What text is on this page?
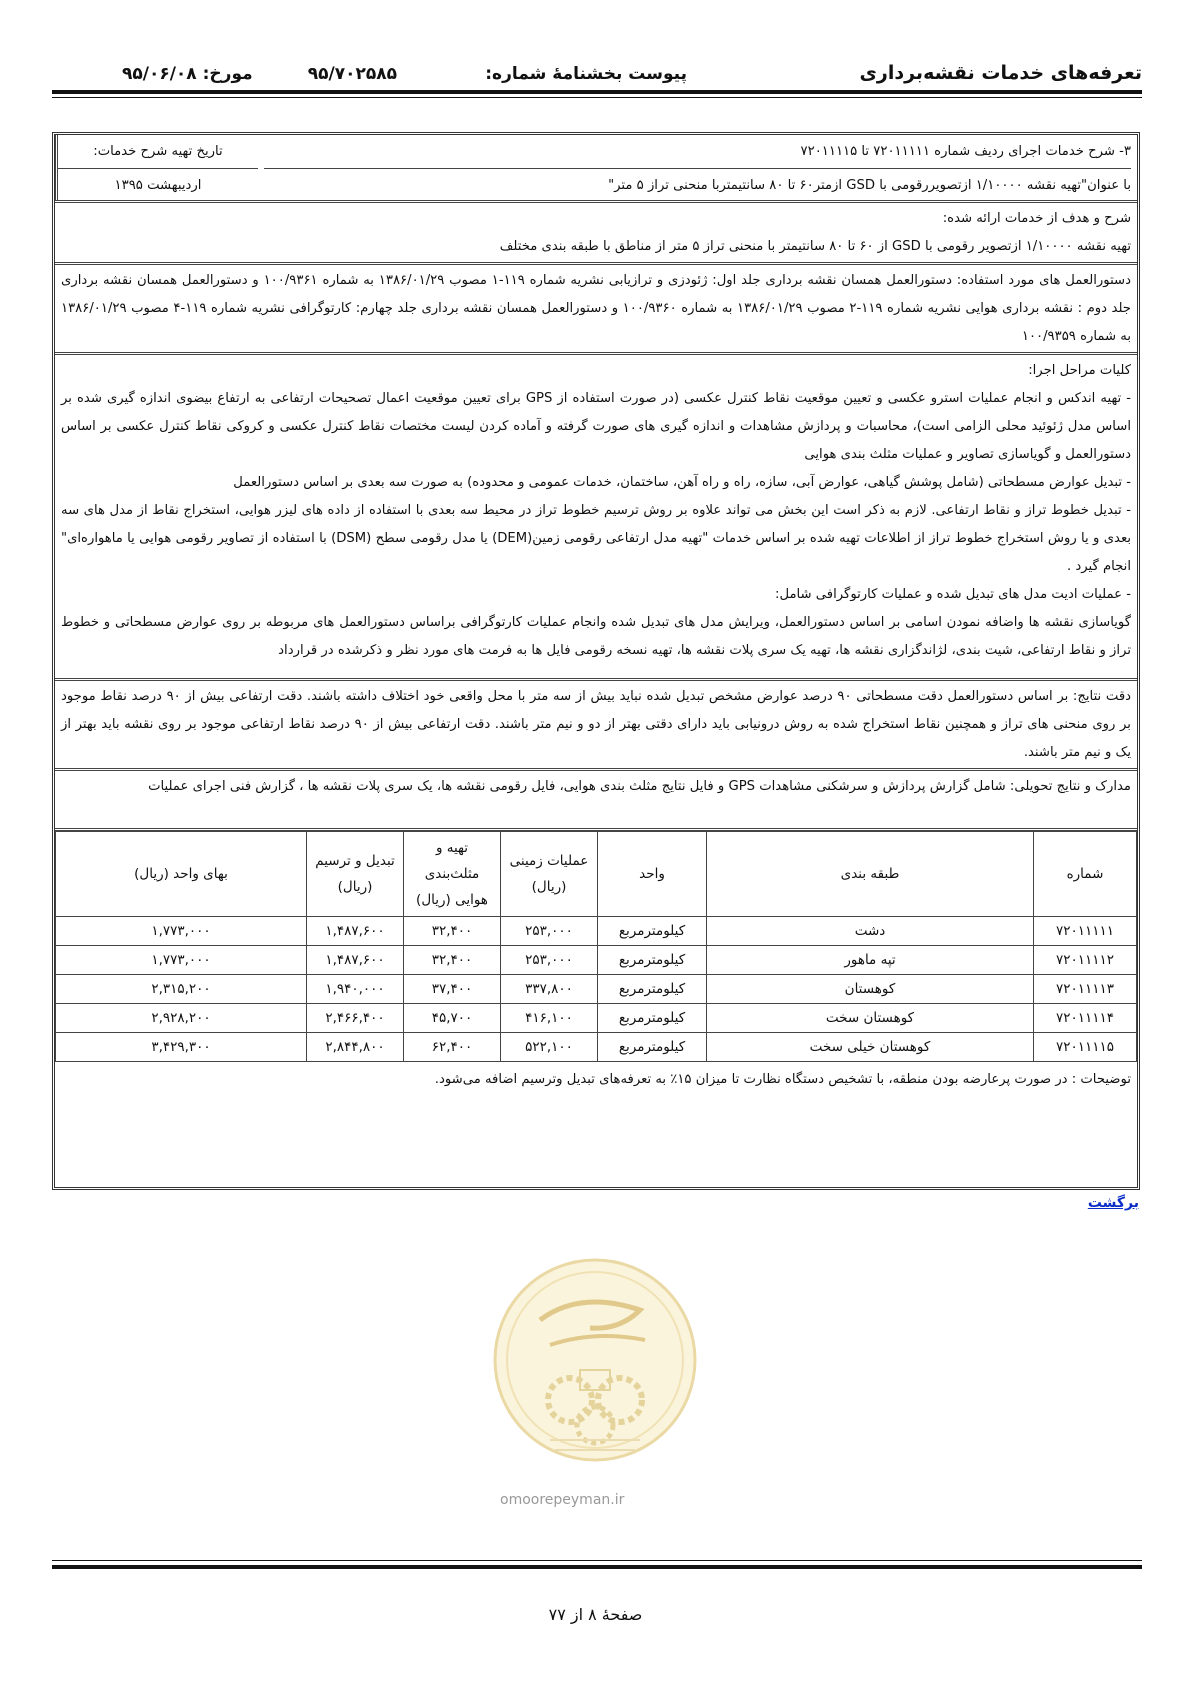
تعرفه‌های خدمات نقشه‌برداری
پیوست بخشنامۀ شماره:
۹۵/۷۰۲۵۸۵
مورخ: ۹۵/۰۶/۰۸
۳- شرح خدمات اجرای ردیف شماره ۷۲۰۱۱۱۱۱ تا ۷۲۰۱۱۱۱۵
با عنوان"تهیه نقشه ۱/۱۰۰۰۰ ازتصویررقومی با GSD ازمتر۶۰ تا ۸۰ سانتیمتربا منحنی تراز ۵ متر"
تاریخ تهیه شرح خدمات:
اردیبهشت ۱۳۹۵
شرح و هدف از خدمات ارائه شده:
تهیه نقشه ۱/۱۰۰۰۰ ازتصویر رقومی با GSD از ۶۰ تا ۸۰ سانتیمتر با منحنی تراز ۵ متر از مناطق با طبقه بندی مختلف
دستورالعمل های مورد استفاده: دستورالعمل همسان نقشه برداری جلد اول: ژئودزی و ترازیابی نشریه شماره ۱۱۹-۱ مصوب ۱۳۸۶/۰۱/۲۹ به شماره ۱۰۰/۹۳۶۱ و دستورالعمل همسان نقشه برداری جلد دوم : نقشه برداری هوایی نشریه شماره ۱۱۹-۲ مصوب ۱۳۸۶/۰۱/۲۹ به شماره ۱۰۰/۹۳۶۰ و دستورالعمل همسان نقشه برداری جلد چهارم: کارتوگرافی نشریه شماره ۱۱۹-۴ مصوب ۱۳۸۶/۰۱/۲۹ به شماره ۱۰۰/۹۳۵۹
کلیات مراحل اجرا:
- تهیه اندکس و انجام عملیات استرو عکسی و تعیین موقعیت نقاط کنترل عکسی (در صورت استفاده از GPS برای تعیین موقعیت اعمال تصحیحات ارتفاعی به ارتفاع بیضوی اندازه گیری شده بر اساس مدل ژئوئید محلی الزامی است)، محاسبات و پردازش مشاهدات و اندازه گیری های صورت گرفته و آماده کردن لیست مختصات نقاط کنترل عکسی و کروکی نقاط کنترل عکسی بر اساس دستورالعمل و گویاسازی تصاویر و عملیات مثلث بندی هوایی
- تبدیل عوارض مسطحاتی (شامل پوشش گیاهی، عوارض آبی، سازه، راه و راه آهن، ساختمان، خدمات عمومی و محدوده) به صورت سه بعدی بر اساس دستورالعمل
- تبدیل خطوط تراز و نقاط ارتفاعی. لازم به ذکر است این بخش می تواند علاوه بر روش ترسیم خطوط تراز در محیط سه بعدی با استفاده از داده های لیزر هوایی، استخراج نقاط از مدل های سه بعدی و یا روش استخراج خطوط تراز از اطلاعات تهیه شده بر اساس خدمات "تهیه مدل ارتفاعی رقومی زمین(DEM) یا مدل رقومی سطح (DSM) با استفاده از تصاویر رقومی هوایی یا ماهواره‌ای" انجام گیرد .
- عملیات ادیت مدل های تبدیل شده و عملیات کارتوگرافی شامل:
گویاسازی نقشه ها واضافه نمودن اسامی بر اساس دستورالعمل، ویرایش مدل های تبدیل شده وانجام عملیات کارتوگرافی براساس دستورالعمل های مربوطه بر روی عوارض مسطحاتی و خطوط تراز و نقاط ارتفاعی، شیت بندی، لژاندگزاری نقشه ها، تهیه یک سری پلات نقشه ها، تهیه نسخه رقومی فایل ها به فرمت های مورد نظر و ذکرشده در قرارداد
دقت نتایج: بر اساس دستورالعمل دقت مسطحاتی ۹۰ درصد عوارض مشخص تبدیل شده نباید بیش از سه متر با محل واقعی خود اختلاف داشته باشند. دقت ارتفاعی بیش از ۹۰ درصد نقاط موجود بر روی منحنی های تراز و همچنین نقاط استخراج شده به روش درونیابی باید دارای دقتی بهتر از دو و نیم متر باشند. دقت ارتفاعی بیش از ۹۰ درصد نقاط ارتفاعی موجود بر روی نقشه باید بهتر از یک و نیم متر باشند.
مدارک و نتایج تحویلی: شامل گزارش پردازش و سرشکنی مشاهدات GPS و فایل نتایج مثلث بندی هوایی، فایل رقومی نقشه ها، یک سری پلات نقشه ها ، گزارش فنی اجرای عملیات
شماره	طبقه بندی	واحد	عملیات زمینی (ریال)	تهیه و مثلث‌بندی هوایی (ریال)	تبدیل و ترسیم (ریال)	بهای واحد (ریال)
۷۲۰۱۱۱۱۱	دشت	کیلومترمربع	۲۵۳,۰۰۰	۳۲,۴۰۰	۱,۴۸۷,۶۰۰	۱,۷۷۳,۰۰۰
۷۲۰۱۱۱۱۲	تپه ماهور	کیلومترمربع	۲۵۳,۰۰۰	۳۲,۴۰۰	۱,۴۸۷,۶۰۰	۱,۷۷۳,۰۰۰
۷۲۰۱۱۱۱۳	کوهستان	کیلومترمربع	۳۳۷,۸۰۰	۳۷,۴۰۰	۱,۹۴۰,۰۰۰	۲,۳۱۵,۲۰۰
۷۲۰۱۱۱۱۴	کوهستان سخت	کیلومترمربع	۴۱۶,۱۰۰	۴۵,۷۰۰	۲,۴۶۶,۴۰۰	۲,۹۲۸,۲۰۰
۷۲۰۱۱۱۱۵	کوهستان خیلی سخت	کیلومترمربع	۵۲۲,۱۰۰	۶۲,۴۰۰	۲,۸۴۴,۸۰۰	۳,۴۲۹,۳۰۰
توضیحات : در صورت پرعارضه بودن منطقه، با تشخیص دستگاه نظارت تا میزان ۱۵٪ به تعرفه‌های تبدیل وترسیم اضافه می‌شود.
برگشت
omoorepeyman.ir
صفحۀ ۸ از ۷۷
